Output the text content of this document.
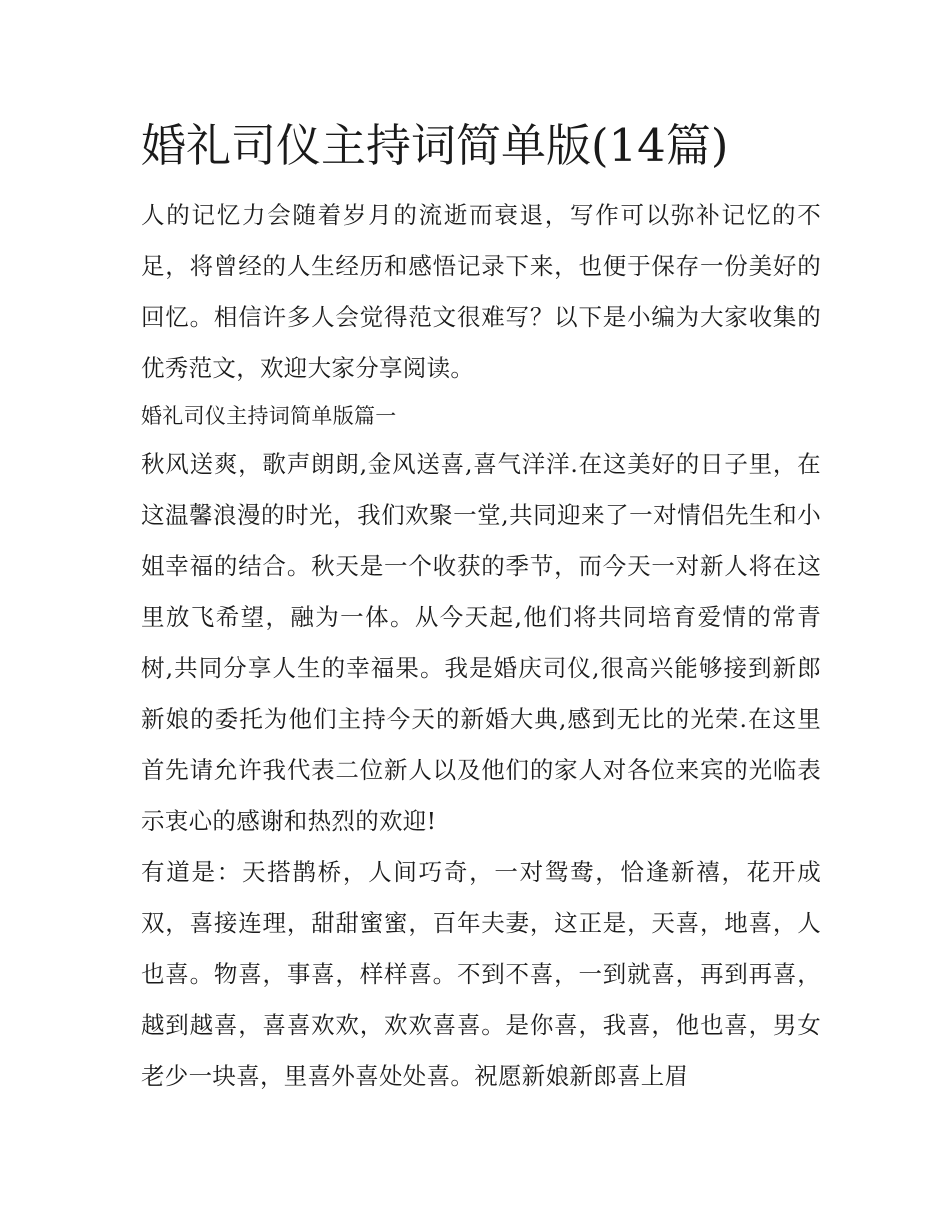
婚礼司仪主持词简单版(14篇)

人的记忆力会随着岁月的流逝而衰退，写作可以弥补记忆的不足，将曾经的人生经历和感悟记录下来，也便于保存一份美好的回忆。相信许多人会觉得范文很难写？以下是小编为大家收集的优秀范文，欢迎大家分享阅读。

婚礼司仪主持词简单版篇一

秋风送爽，歌声朗朗,金风送喜,喜气洋洋.在这美好的日子里，在这温馨浪漫的时光，我们欢聚一堂,共同迎来了一对情侣先生和小姐幸福的结合。秋天是一个收获的季节，而今天一对新人将在这里放飞希望，融为一体。从今天起,他们将共同培育爱情的常青树,共同分享人生的幸福果。我是婚庆司仪,很高兴能够接到新郎新娘的委托为他们主持今天的新婚大典,感到无比的光荣.在这里首先请允许我代表二位新人以及他们的家人对各位来宾的光临表示衷心的感谢和热烈的欢迎!

有道是：天搭鹊桥，人间巧奇，一对鸳鸯，恰逢新禧，花开成双，喜接连理，甜甜蜜蜜，百年夫妻，这正是，天喜，地喜，人也喜。物喜，事喜，样样喜。不到不喜，一到就喜，再到再喜，越到越喜，喜喜欢欢，欢欢喜喜。是你喜，我喜，他也喜，男女老少一块喜，里喜外喜处处喜。祝愿新娘新郎喜上眉
